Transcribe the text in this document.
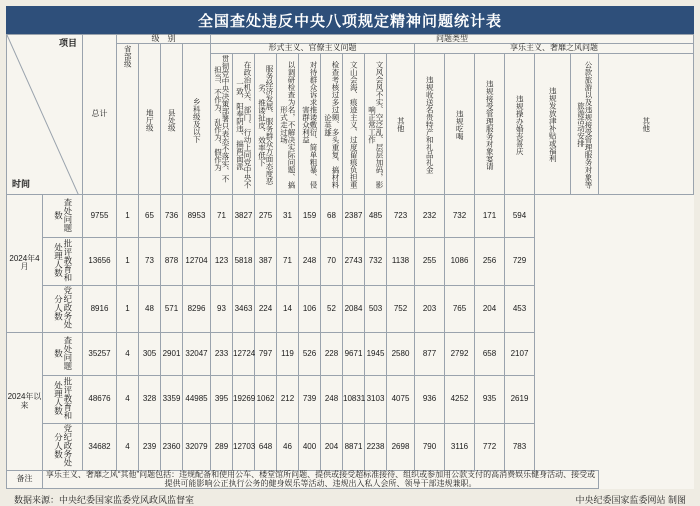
全国查处违反中央八项规定精神问题统计表
时间
项目		总计	级　别				问题类型															

			省部级	地厅级	县处级	乡科级及以下	形式主义、官僚主义问题									享乐主义、奢靡之风问题						

							贯彻党中央决策部署只表态不落实、不担当、不作为、乱作为、假作为	在政治机关、部门、行动上同党中央不一致，阳奉阴违、搞两面派	服务经济发展、服务群众方面态度恶劣、推诿扯皮、效率低下	以调研检查为名，不解决实际问题、搞形式走过场	对待群众诉求推诿敷衍、简单粗暴、侵害群众利益	检查考核过多过频、多头重复、搞材料论英雄	文山会海、痕迹主义、过度留痕负担重	文风会风不实、空泛乱、层层加码，影响正常工作	其他	违规收送名贵特产和礼品礼金	违规吃喝	违规接受管理服务对象宴请	违规操办婚丧喜庆	违规发放津补贴或福利	公款旅游以及违规接受管理服务对象等旅游活动安排	其他

2024年4月	查处问题数	9755	1	65	736	8953	71	3827	275	31	159	68	2387	485	723	232	732	171	594			
	批评教育和处理人数	13656	1	73	878	12704	123	5818	387	71	248	70	2743	732	1138	255	1086	256	729			
	党纪政务处分人数	8916	1	48	571	8296	93	3463	224	14	106	52	2084	503	752	203	765	204	453			
2024年以来	查处问题数	35257	4	305	2901	32047	233	12724	797	119	526	228	9671	1945	2580	877	2792	658	2107			
	批评教育和处理人数	48676	4	328	3359	44985	395	19269	1062	212	739	248	10831	3103	4075	936	4252	935	2619			
	党纪政务处分人数	34682	4	239	2360	32079	289	12703	648	46	400	204	8871	2238	2698	790	3116	772	783			
备注	享乐主义、奢靡之风“其他”问题包括：违规配备和使用公车、楼堂馆所问题、提供或接受超标准接待、组织或参加用公款支付的高消费娱乐健身活动、接受或提供可能影响公正执行公务的健身娱乐等活动、违规出入私人会所、领导干部违规兼职。																					
数据来源：中央纪委国家监委党风政风监督室	中央纪委国家监委网站 制图
